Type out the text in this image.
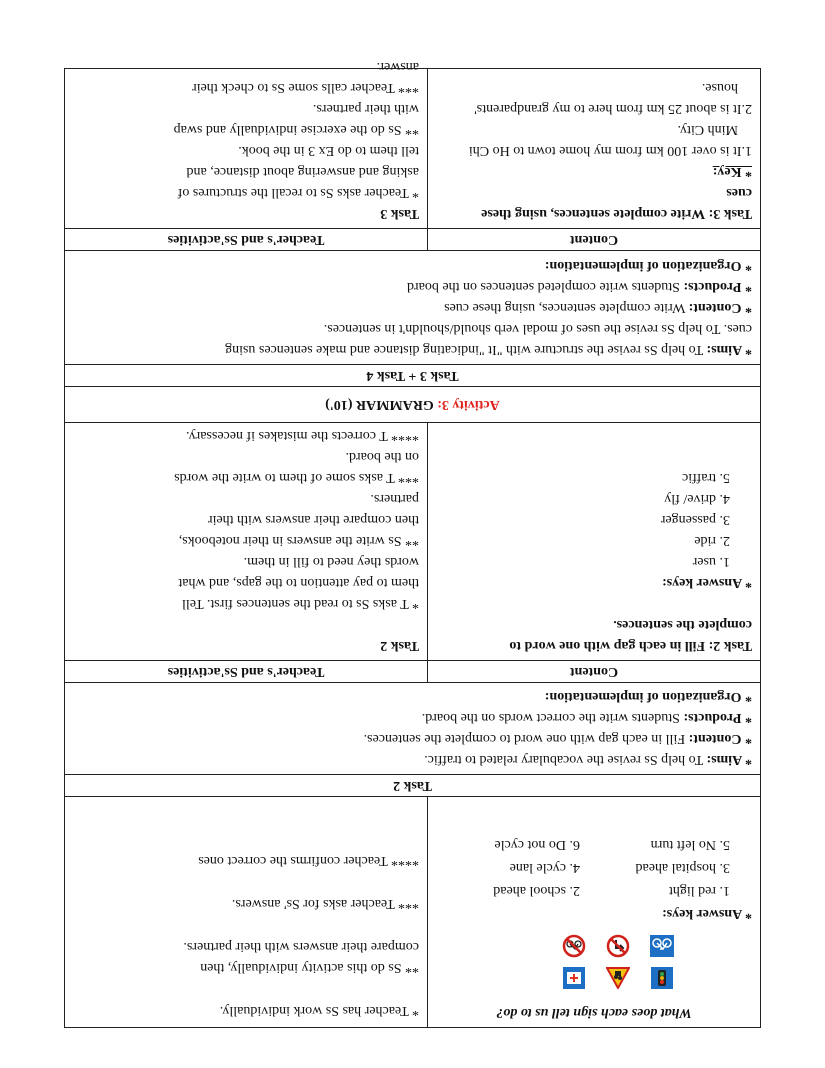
What does each sign tell us to do?
* Answer keys:
1. red light
2. school ahead
3. hospital ahead
4. cycle lane
5. No left turn
6. Do not cycle
* Teacher has Ss work individually.
** Ss do this activity individually, then
compare their answers with their partners.
*** Teacher asks for Ss' answers.
**** Teacher confirms the correct ones
Task 2
* Aims: To help Ss revise the vocabulary related to traffic.
* Content: Fill in each gap with one word to complete the sentences.
* Products: Students write the correct words on the board.
* Organization of implementation:
Content
Teacher's and Ss'activities
Task 2: Fill in each gap with one word to
complete the sentences.
* Answer keys:
1. user
2. ride
3. passenger
4. drive/ fly
5. traffic
Task 2
* T asks Ss to read the sentences first. Tell
them to pay attention to the gaps, and what
words they need to fill in them.
** Ss write the answers in their notebooks,
then compare their answers with their
partners.
*** T asks some of them to write the words
on the board.
**** T corrects the mistakes if necessary.
Activity 3: GRAMMAR (10')
Task 3 + Task 4
* Aims: To help Ss revise the structure with "It "indicating distance and make sentences using
cues. To help Ss revise the uses of modal verb should/shouldn't in sentences.
* Content: Write complete sentences, using these cues
* Products: Students write completed sentences on the board
* Organization of implementation:
Content
Teacher's and Ss'activities
Task 3: Write complete sentences, using these
cues
* Key:
1.It is over 100 km from my home town to Ho Chi
Minh City.
2.It is about 25 km from here to my grandparents'
house.
Task 3
* Teacher asks Ss to recall the structures of
asking and answering about distance, and
tell them to do Ex 3 in the book.
** Ss do the exercise individually and swap
with their partners.
*** Teacher calls some Ss to check their
answer.
